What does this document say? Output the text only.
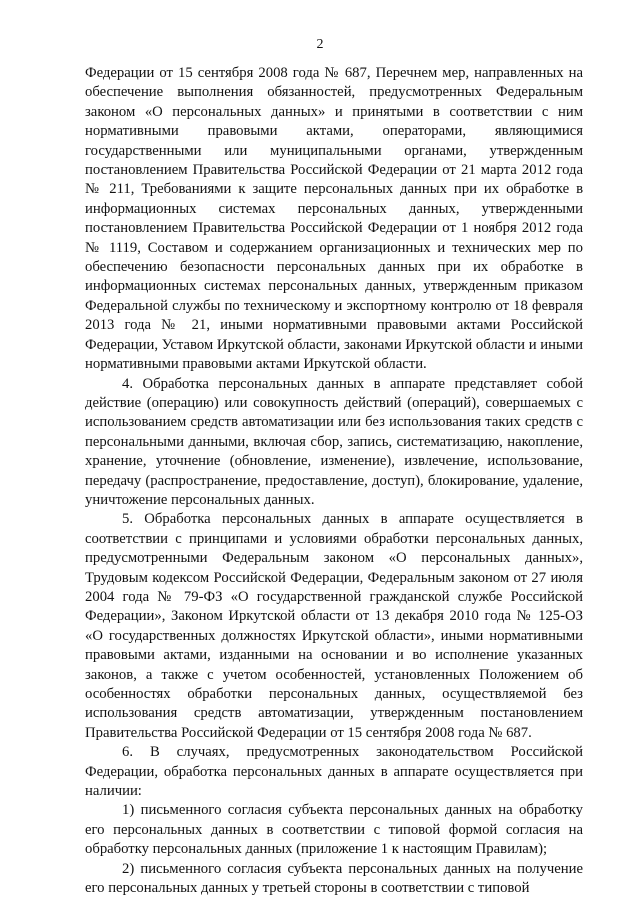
2

Федерации от 15 сентября 2008 года № 687, Перечнем мер, направленных на обеспечение выполнения обязанностей, предусмотренных Федеральным законом «О персональных данных» и принятыми в соответствии с ним нормативными правовыми актами, операторами, являющимися государственными или муниципальными органами, утвержденным постановлением Правительства Российской Федерации от 21 марта 2012 года № 211, Требованиями к защите персональных данных при их обработке в информационных системах персональных данных, утвержденными постановлением Правительства Российской Федерации от 1 ноября 2012 года № 1119, Составом и содержанием организационных и технических мер по обеспечению безопасности персональных данных при их обработке в информационных системах персональных данных, утвержденным приказом Федеральной службы по техническому и экспортному контролю от 18 февраля 2013 года № 21, иными нормативными правовыми актами Российской Федерации, Уставом Иркутской области, законами Иркутской области и иными нормативными правовыми актами Иркутской области.

4. Обработка персональных данных в аппарате представляет собой действие (операцию) или совокупность действий (операций), совершаемых с использованием средств автоматизации или без использования таких средств с персональными данными, включая сбор, запись, систематизацию, накопление, хранение, уточнение (обновление, изменение), извлечение, использование, передачу (распространение, предоставление, доступ), блокирование, удаление, уничтожение персональных данных.

5. Обработка персональных данных в аппарате осуществляется в соответствии с принципами и условиями обработки персональных данных, предусмотренными Федеральным законом «О персональных данных», Трудовым кодексом Российской Федерации, Федеральным законом от 27 июля 2004 года № 79-ФЗ «О государственной гражданской службе Российской Федерации», Законом Иркутской области от 13 декабря 2010 года № 125-ОЗ «О государственных должностях Иркутской области», иными нормативными правовыми актами, изданными на основании и во исполнение указанных законов, а также с учетом особенностей, установленных Положением об особенностях обработки персональных данных, осуществляемой без использования средств автоматизации, утвержденным постановлением Правительства Российской Федерации от 15 сентября 2008 года № 687.

6. В случаях, предусмотренных законодательством Российской Федерации, обработка персональных данных в аппарате осуществляется при наличии:

1) письменного согласия субъекта персональных данных на обработку его персональных данных в соответствии с типовой формой согласия на обработку персональных данных (приложение 1 к настоящим Правилам);

2) письменного согласия субъекта персональных данных на получение его персональных данных у третьей стороны в соответствии с типовой
